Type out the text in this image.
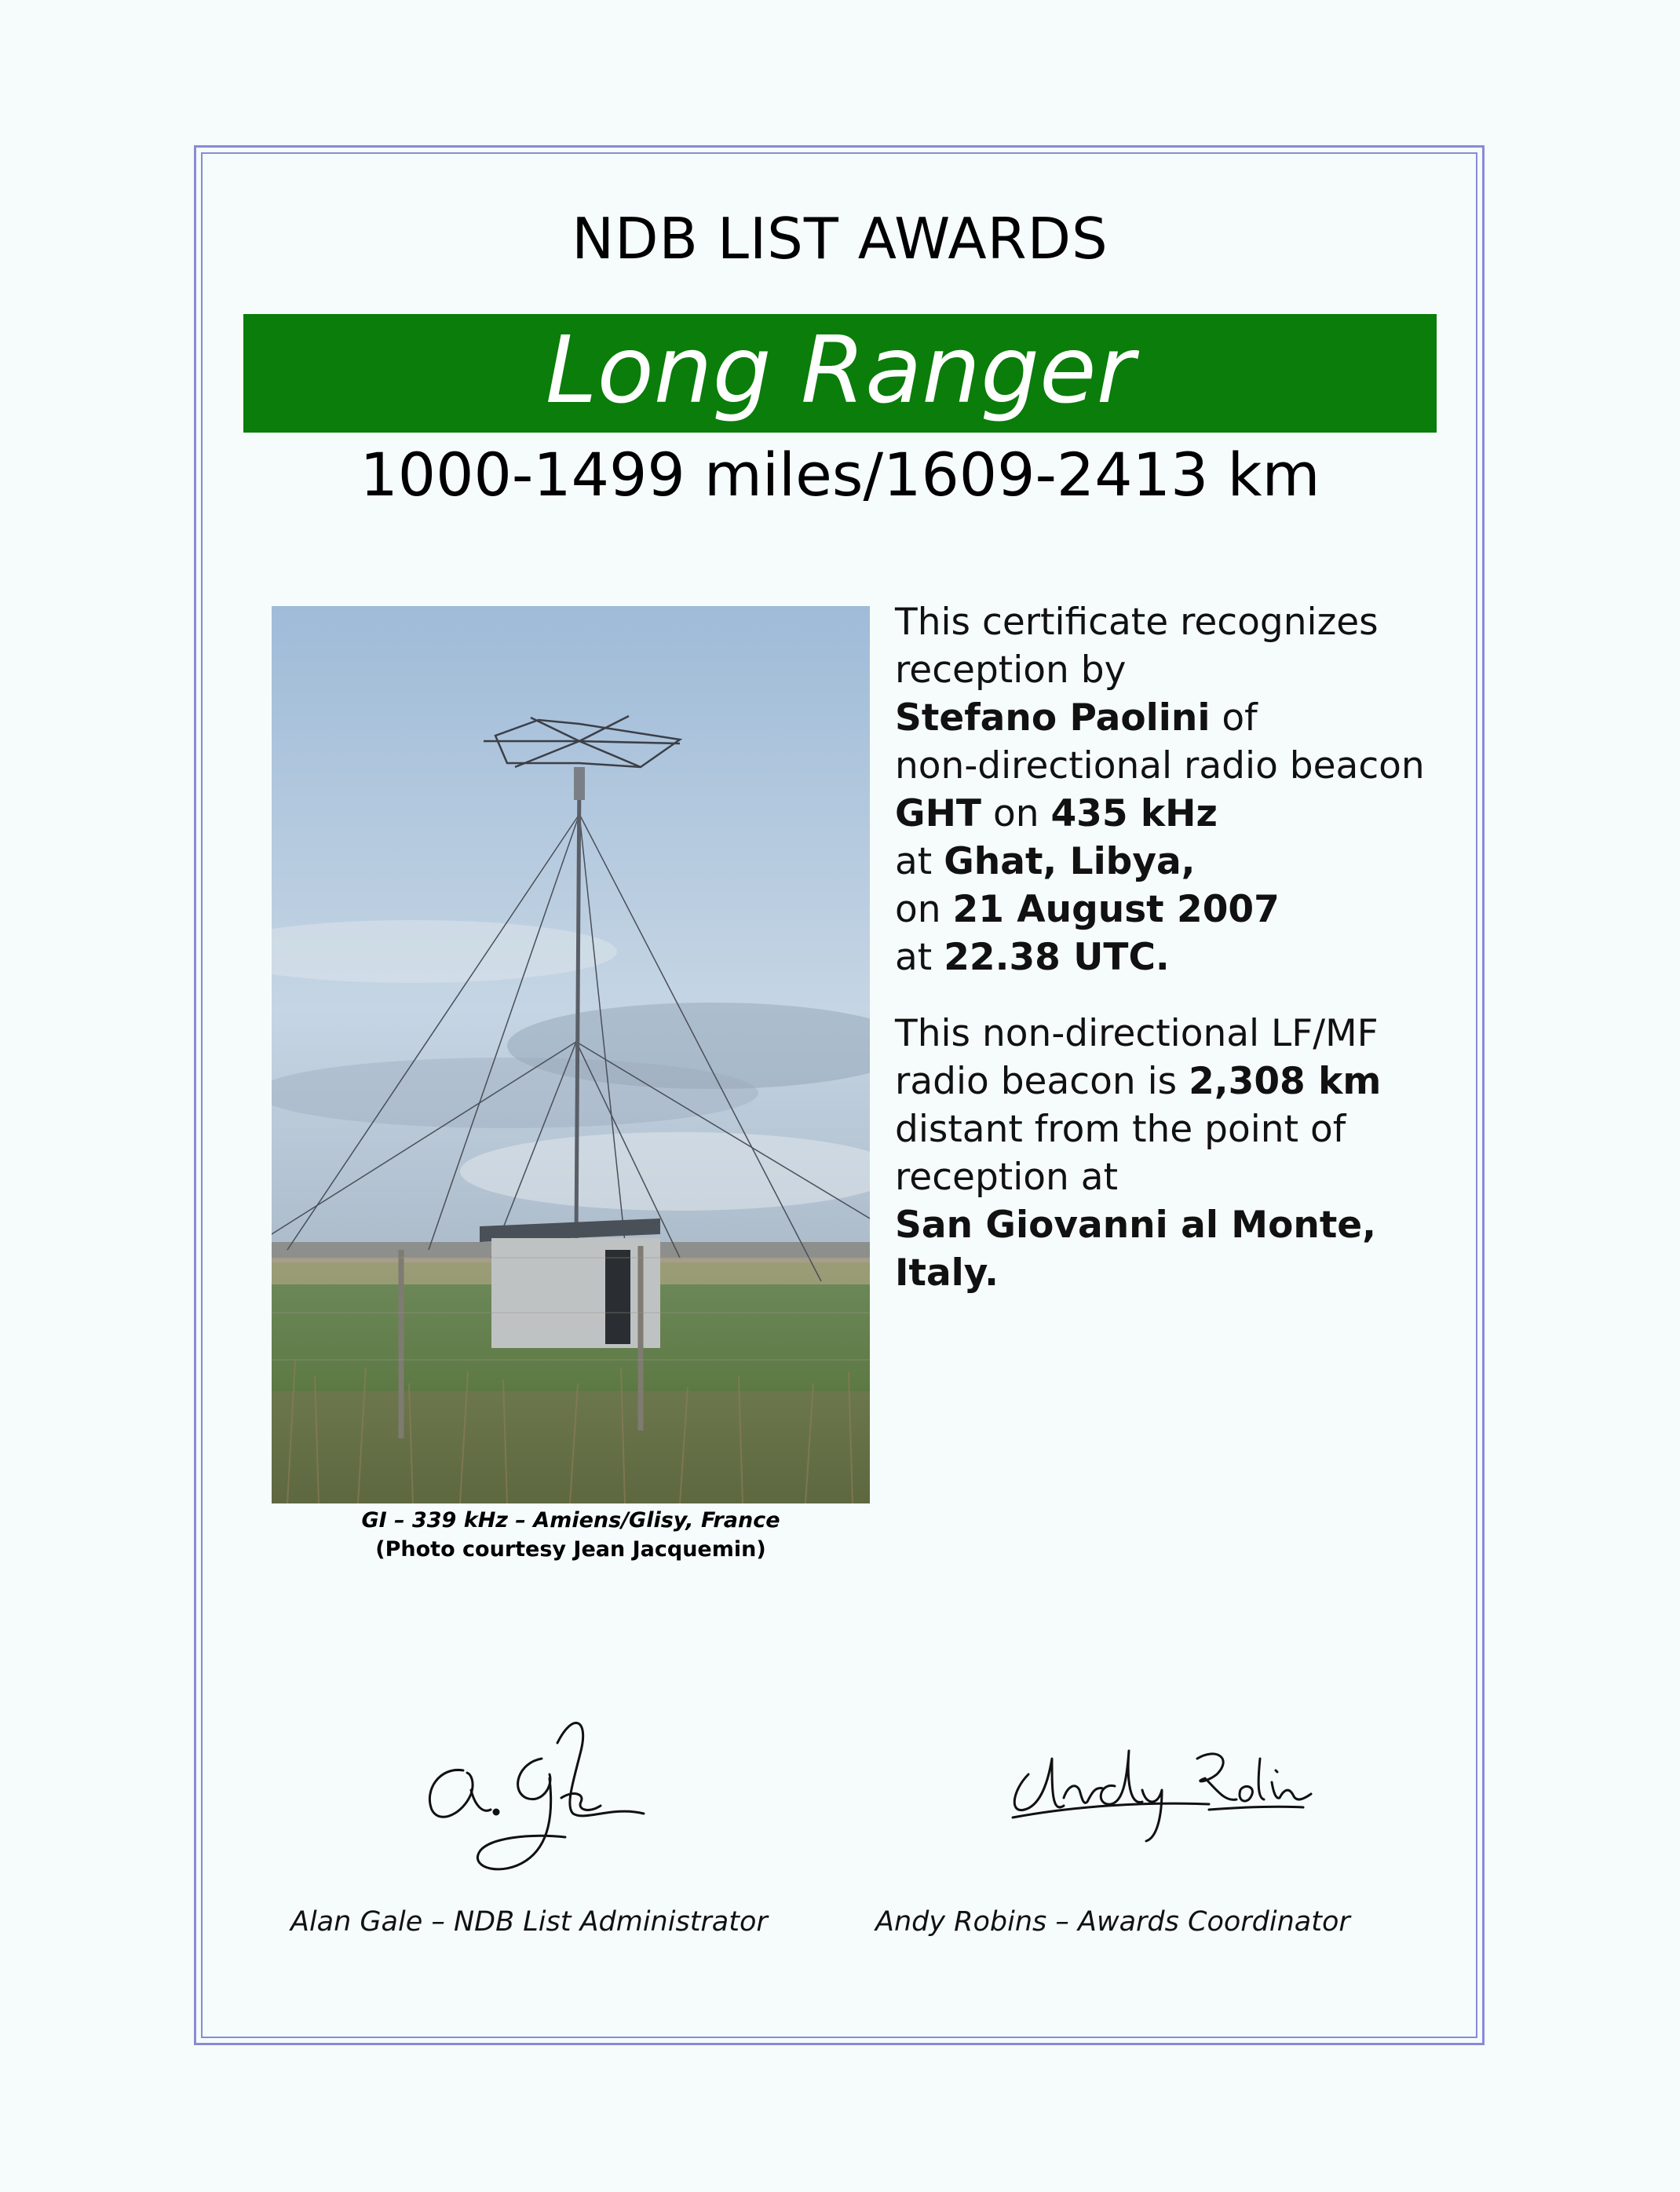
NDB LIST AWARDS
Long Ranger
1000-1499 miles/1609-2413 km
GI – 339 kHz – Amiens/Glisy, France
(Photo courtesy Jean Jacquemin)
This certificate recognizes reception by
Stefano Paolini of
non-directional radio beacon GHT on 435 kHz
at Ghat, Libya,
on 21 August 2007
at 22.38 UTC.
This non-directional LF/MF radio beacon is 2,308 km distant from the point of reception at
San Giovanni al Monte, Italy.
Alan Gale – NDB List Administrator	Andy Robins – Awards Coordinator
